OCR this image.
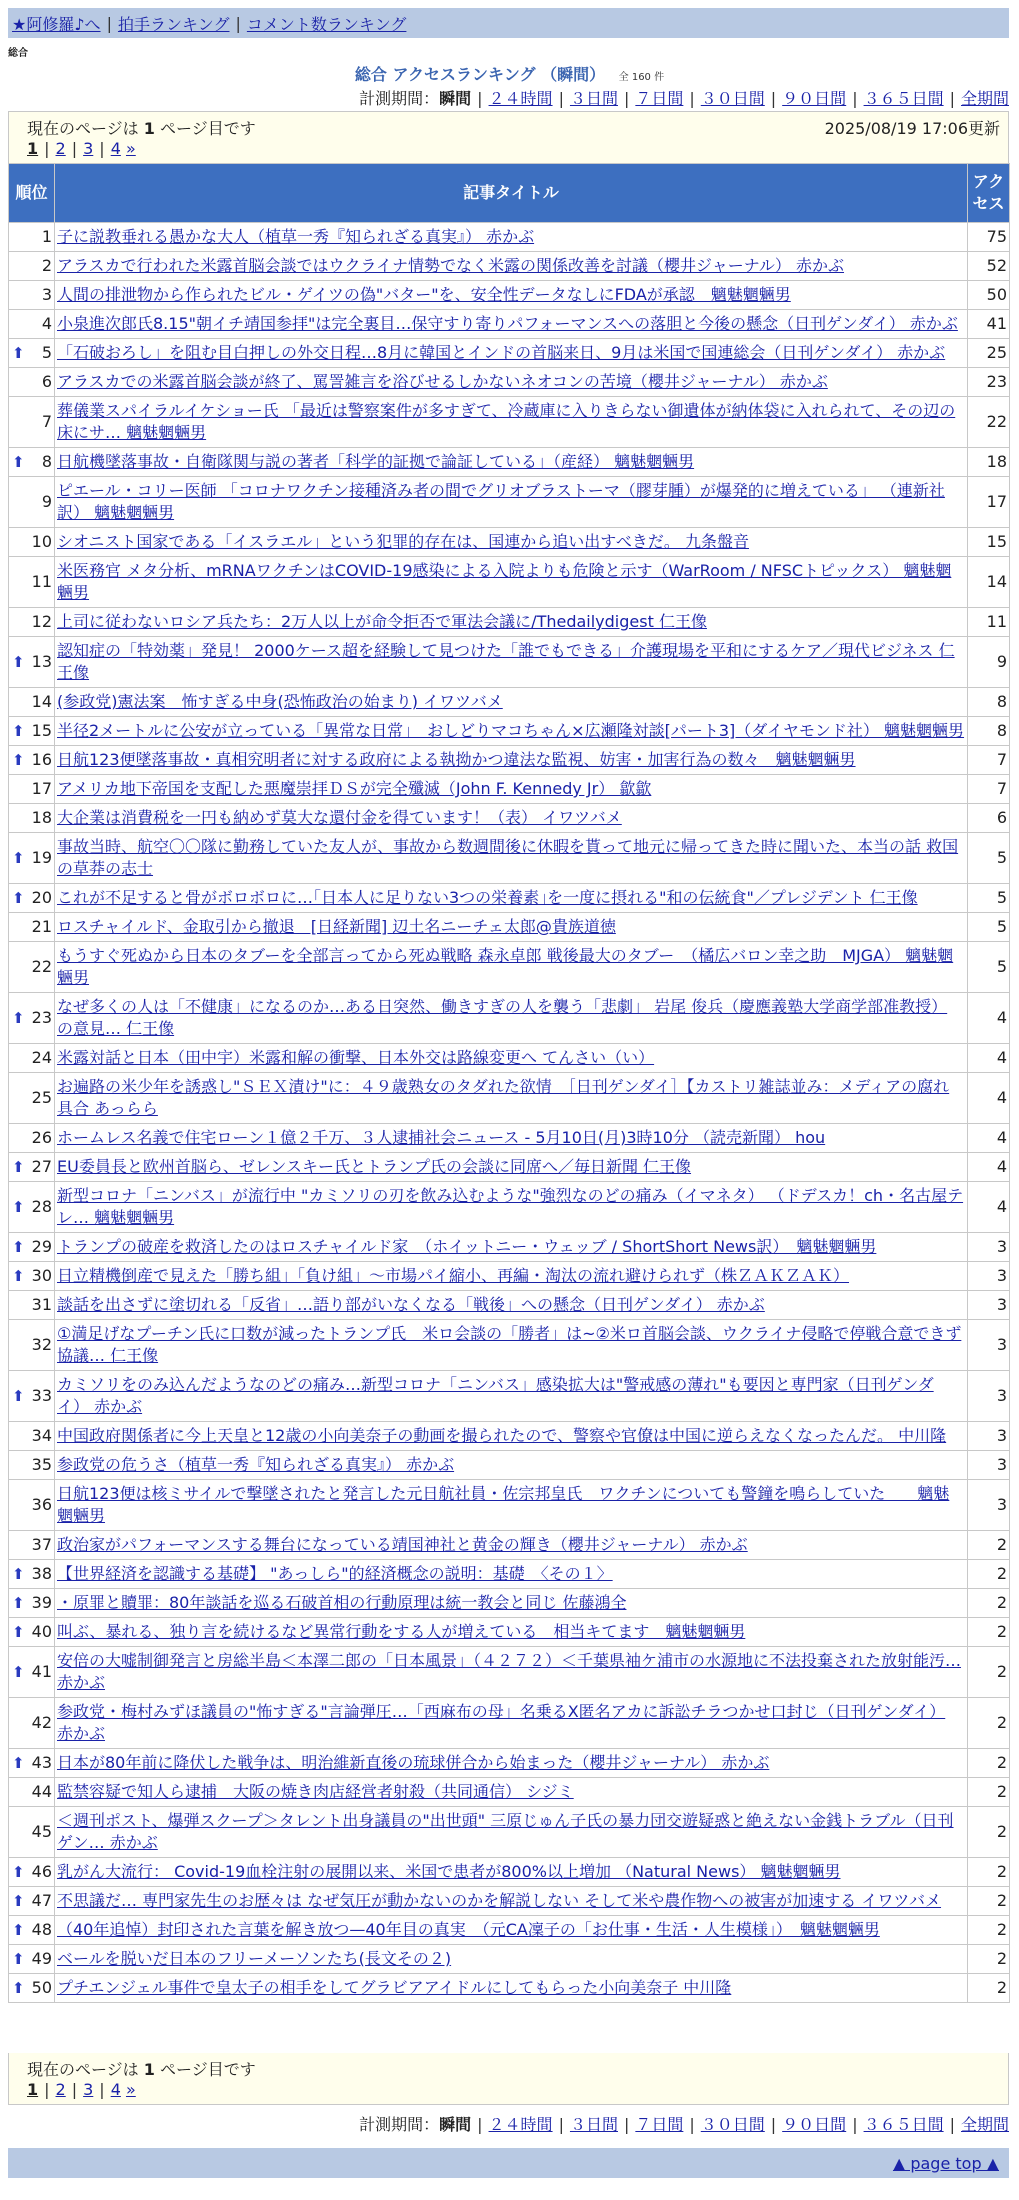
★阿修羅♪へ | 拍手ランキング | コメント数ランキング
総合
総合 アクセスランキング （瞬間） 全 160 件
計測期間：瞬間 | ２４時間 | ３日間 | ７日間 | ３０日間 | ９０日間 | ３６５日間 | 全期間
現在のページは 1 ページ目です	2025/08/19 17:06更新
1 | 2 | 3 | 4 »
順位	記事タイトル	アクセス
1	子に説教垂れる愚かな大人（植草一秀『知られざる真実』） 赤かぶ	75
2	アラスカで行われた米露首脳会談ではウクライナ情勢でなく米露の関係改善を討議（櫻井ジャーナル） 赤かぶ	52
3	人間の排泄物から作られたビル・ゲイツの偽"バター"を、安全性データなしにFDAが承認　魑魅魍魎男	50
4	小泉進次郎氏8.15"朝イチ靖国参拝"は完全裏目…保守すり寄りパフォーマンスへの落胆と今後の懸念（日刊ゲンダイ） 赤かぶ	41

⬆ 5	「石破おろし」を阻む目白押しの外交日程…8月に韓国とインドの首脳来日、9月は米国で国連総会（日刊ゲンダイ） 赤かぶ	25
6	アラスカでの米露首脳会談が終了、罵詈雑言を浴びせるしかないネオコンの苦境（櫻井ジャーナル） 赤かぶ	23
7	葬儀業スパイラルイケショー氏 「最近は警察案件が多すぎて、冷蔵庫に入りきらない御遺体が納体袋に入れられて、その辺の床にサ… 魑魅魍魎男	22

⬆ 8	日航機墜落事故・自衛隊関与説の著者「科学的証拠で論証している」（産経） 魑魅魍魎男	18
9	ピエール・コリー医師 「コロナワクチン接種済み者の間でグリオブラストーマ（膠芽腫）が爆発的に増えている」 （連新社訳） 魑魅魍魎男	17
10	シオニスト国家である「イスラエル」という犯罪的存在は、国連から追い出すべきだ。 九条盤音	15
11	米医務官 メタ分析、mRNAワクチンはCOVID-19感染による入院よりも危険と示す（WarRoom / NFSCトピックス） 魑魅魍魎男	14
12	上司に従わないロシア兵たち：2万人以上が命令拒否で軍法会議に/Thedailydigest 仁王像	11

⬆ 13	認知症の「特効薬」発見！ 2000ケース超を経験して見つけた「誰でもできる」介護現場を平和にするケア／現代ビジネス 仁王像	9
14	(参政党)憲法案　怖すぎる中身(恐怖政治の始まり) イワツバメ	8

⬆ 15	半径2メートルに公安が立っている「異常な日常」　おしどりマコちゃん×広瀬隆対談[パート3]（ダイヤモンド社） 魑魅魍魎男	8

⬆ 16	日航123便墜落事故・真相究明者に対する政府による執拗かつ違法な監視、妨害・加害行為の数々　魑魅魍魎男	7
17	アメリカ地下帝国を支配した悪魔崇拝ＤＳが完全殲滅（John F. Kennedy Jr） 歙歙	7
18	大企業は消費税を一円も納めず莫大な還付金を得ています！（表） イワツバメ	6

⬆ 19	事故当時、航空〇〇隊に勤務していた友人が、事故から数週間後に休暇を貰って地元に帰ってきた時に聞いた、本当の話 救国の草莽の志士	5

⬆ 20	これが不足すると骨がボロボロに…｢日本人に足りない3つの栄養素｣を一度に摂れる"和の伝統食"／プレジデント 仁王像	5
21	ロスチャイルド、金取引から撤退　[日経新聞] 辺土名ニーチェ太郎@貴族道徳	5
22	もうすぐ死ぬから日本のタブーを全部言ってから死ぬ戦略 森永卓郎 戦後最大のタブー　（橘広バロン幸之助　MJGA） 魑魅魍魎男	5

⬆ 23	なぜ多くの人は「不健康」になるのか…ある日突然、働きすぎの人を襲う「悲劇」 岩尾 俊兵（慶應義塾大学商学部准教授） の意見… 仁王像	4
24	米露対話と日本（田中宇）米露和解の衝撃、日本外交は路線変更へ てんさい（い）	4
25	お遍路の米少年を誘惑し"ＳＥＸ漬け"に：４９歳熟女のタダれた欲情　［日刊ゲンダイ］【カストリ雑誌並み：メディアの腐れ具合 あっらら	4
26	ホームレス名義で住宅ローン１億２千万、３人逮捕社会ニュース - 5月10日(月)3時10分 （読売新聞） hou	4

⬆ 27	EU委員長と欧州首脳ら、ゼレンスキー氏とトランプ氏の会談に同席へ／毎日新聞 仁王像	4

⬆ 28	新型コロナ「ニンバス」が流行中 "カミソリの刃を飲み込むような"強烈なのどの痛み（イマネタ） （ドデスカ！ch・名古屋テレ… 魑魅魍魎男	4

⬆ 29	トランプの破産を救済したのはロスチャイルド家　（ホイットニー・ウェッブ / ShortShort News訳）　魑魅魍魎男	3

⬆ 30	日立精機倒産で見えた「勝ち組」「負け組」～市場パイ縮小、再編・淘汰の流れ避けられず（株ＺＡＫＺＡＫ）	3
31	談話を出さずに塗切れる「反省」…語り部がいなくなる「戦後」への懸念（日刊ゲンダイ） 赤かぶ	3
32	①満足げなプーチン氏に口数が減ったトランプ氏　米ロ会談の「勝者」は~②米ロ首脳会談、ウクライナ侵略で停戦合意できず協議… 仁王像	3

⬆ 33	カミソリをのみ込んだようなのどの痛み…新型コロナ「ニンバス」感染拡大は"警戒感の薄れ"も要因と専門家（日刊ゲンダイ） 赤かぶ	3
34	中国政府関係者に今上天皇と12歳の小向美奈子の動画を撮られたので、警察や官僚は中国に逆らえなくなったんだ。 中川隆	3
35	参政党の危うさ（植草一秀『知られざる真実』） 赤かぶ	3
36	日航123便は核ミサイルで撃墜されたと発言した元日航社員・佐宗邦皇氏　ワクチンについても警鐘を鳴らしていた　　魑魅魍魎男	3
37	政治家がパフォーマンスする舞台になっている靖国神社と黄金の輝き（櫻井ジャーナル） 赤かぶ	2

⬆ 38	【世界経済を認識する基礎】 "あっしら"的経済概念の説明：基礎　〈その１〉	2

⬆ 39	・原罪と贖罪：80年談話を巡る石破首相の行動原理は統一教会と同じ 佐藤鴻全	2

⬆ 40	叫ぶ、暴れる、独り言を続けるなど異常行動をする人が増えている　相当キてます　魑魅魍魎男	2

⬆ 41	安倍の大嘘制御発言と房総半島＜本澤二郎の「日本風景」（４２７２）＜千葉県袖ケ浦市の水源地に不法投棄された放射能汚… 赤かぶ	2
42	参政党・梅村みずほ議員の"怖すぎる"言論弾圧…「西麻布の母」名乗るX匿名アカに訴訟チラつかせ口封じ（日刊ゲンダイ） 赤かぶ	2

⬆ 43	日本が80年前に降伏した戦争は、明治維新直後の琉球併合から始まった（櫻井ジャーナル） 赤かぶ	2
44	監禁容疑で知人ら逮捕　大阪の焼き肉店経営者射殺（共同通信） シジミ	2
45	＜週刊ポスト、爆弾スクープ＞タレント出身議員の"出世頭" 三原じゅん子氏の暴力団交遊疑惑と絶えない金銭トラブル（日刊ゲン… 赤かぶ	2

⬆ 46	乳がん大流行： Covid-19血栓注射の展開以来、米国で患者が800%以上増加 （Natural News） 魑魅魍魎男	2

⬆ 47	不思議だ… 専門家先生のお歴々は なぜ気圧が動かないのかを解説しない そして米や農作物への被害が加速する イワツバメ	2

⬆ 48	（40年追悼）封印された言葉を解き放つ—40年目の真実　（元CA凜子の「お仕事・生活・人生模様」）　魑魅魍魎男	2

⬆ 49	ベールを脱いだ日本のフリーメーソンたち(長文その２)	2

⬆ 50	プチエンジェル事件で皇太子の相手をしてグラビアアイドルにしてもらった小向美奈子 中川隆	2
現在のページは 1 ページ目です
1 | 2 | 3 | 4 »
計測期間：瞬間 | ２４時間 | ３日間 | ７日間 | ３０日間 | ９０日間 | ３６５日間 | 全期間
▲ page top ▲
